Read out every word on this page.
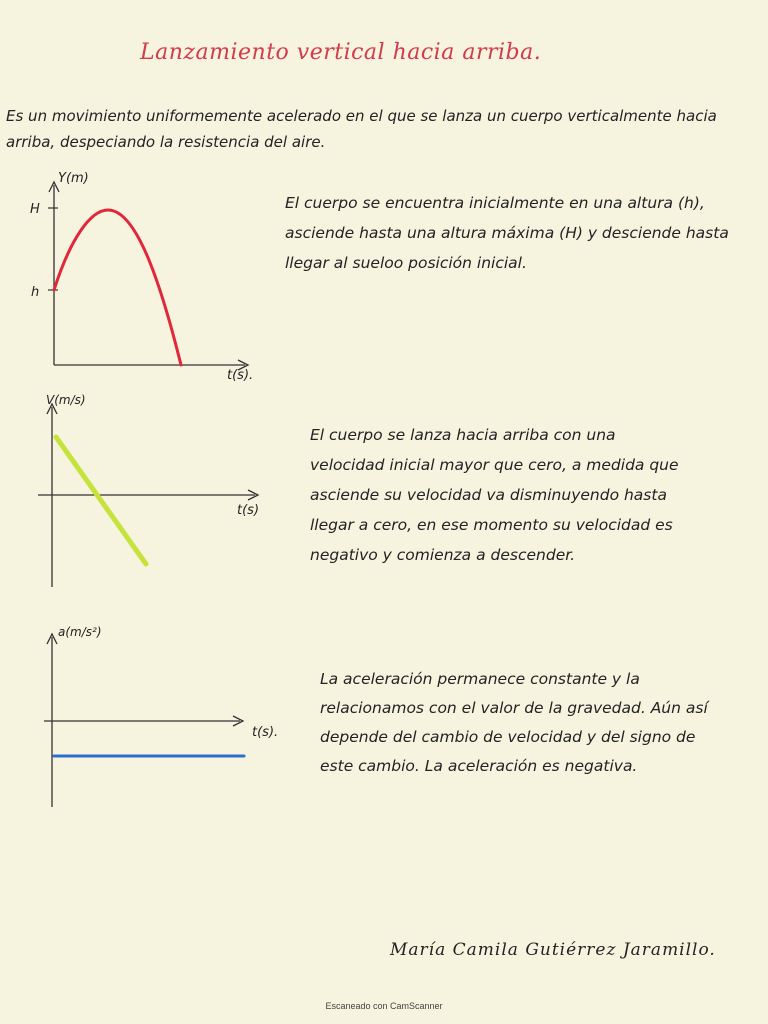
Lanzamiento vertical hacia arriba.
Es un movimiento uniformemente acelerado en el que se lanza un cuerpo verticalmente hacia arriba, despeciando la resistencia del aire.
Y(m)
t(s).
H
h
V(m/s)
t(s)
a(m/s²)
t(s).
El cuerpo se encuentra inicialmente en una altura (h), asciende hasta una altura máxima (H) y desciende hasta llegar al sueloo posición inicial.
El cuerpo se lanza hacia arriba con una velocidad inicial mayor que cero, a medida que asciende su velocidad va disminuyendo hasta llegar a cero, en ese momento su velocidad es negativo y comienza a descender.
La aceleración permanece constante y la relacionamos con el valor de la gravedad. Aún así depende del cambio de velocidad y del signo de este cambio. La aceleración es negativa.
María Camila Gutiérrez Jaramillo.
Escaneado con CamScanner
